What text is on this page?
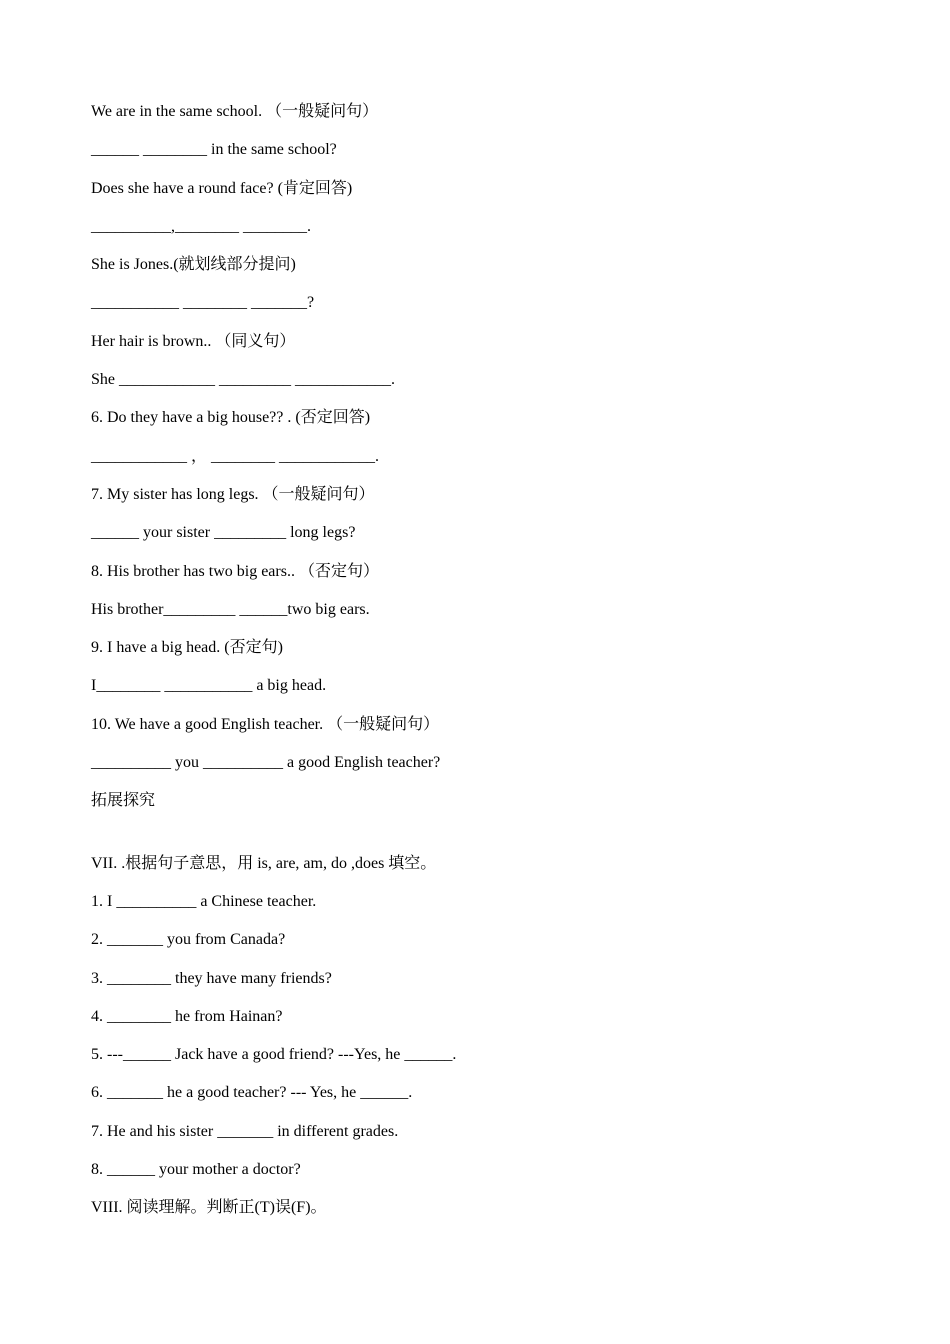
We are in the same school. （一般疑问句）
______ ________ in the same school?
Does she have a round face? (肯定回答)
__________,________ ________.
She is Jones.(就划线部分提问)
___________ ________ _______?
Her hair is brown.. （同义句）
She ____________ _________ ____________.
6. Do they have a big house?? . (否定回答)
____________ ， ________ ____________.
7. My sister has long legs. （一般疑问句）
______ your sister _________ long legs?
8. His brother has two big ears.. （否定句）
His brother_________ ______two big ears.
9. I have a big head. (否定句)
I________ ___________ a big head.
10. We have a good English teacher. （一般疑问句）
__________ you __________ a good English teacher?
拓展探究
VII. .根据句子意思，用 is, are, am, do ,does 填空。
1. I __________ a Chinese teacher.
2. _______ you from Canada?
3. ________ they have many friends?
4. ________ he from Hainan?
5. ---______ Jack have a good friend? ---Yes, he ______.
6. _______ he a good teacher? --- Yes, he ______.
7. He and his sister _______ in different grades.
8. ______ your mother a doctor?
VIII. 阅读理解。判断正(T)误(F)。
